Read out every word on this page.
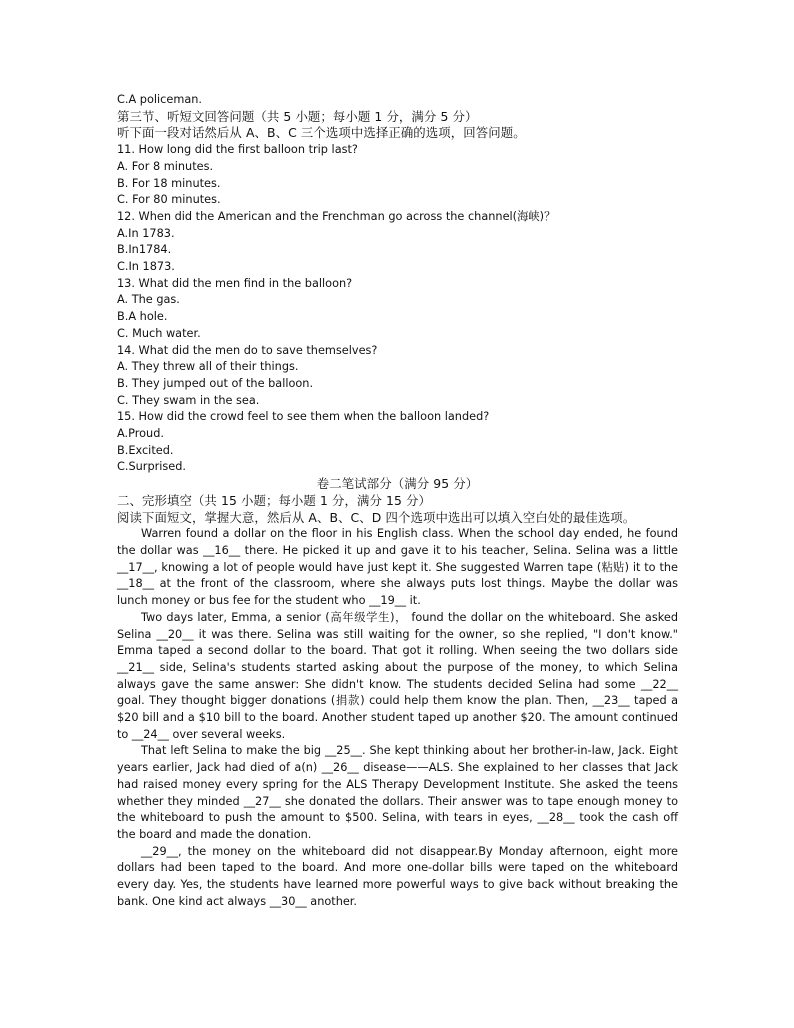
C.A policeman.
第三节、听短文回答问题（共 5 小题；每小题 1 分，满分 5 分）
听下面一段对话然后从 A、B、C 三个选项中选择正确的选项，回答问题。
11. How long did the first balloon trip last?
A. For 8 minutes.
B. For 18 minutes.
C. For 80 minutes.
12. When did the American and the Frenchman go across the channel(海峡)？
A.In 1783.
B.In1784.
C.In 1873.
13. What did the men find in the balloon?
A. The gas.
B.A hole.
C. Much water.
14. What did the men do to save themselves?
A. They threw all of their things.
B. They jumped out of the balloon.
C. They swam in the sea.
15. How did the crowd feel to see them when the balloon landed?
A.Proud.
B.Excited.
C.Surprised.
卷二笔试部分（满分 95 分）
二、完形填空（共 15 小题；每小题 1 分，满分 15 分）
阅读下面短文，掌握大意，然后从 A、B、C、D 四个选项中选出可以填入空白处的最佳选项。

Warren found a dollar on the floor in his English class. When the school day ended, he found the dollar was __16__ there. He picked it up and gave it to his teacher, Selina. Selina was a little __17__, knowing a lot of people would have just kept it. She suggested Warren tape (粘贴) it to the __18__ at the front of the classroom, where she always puts lost things. Maybe the dollar was lunch money or bus fee for the student who __19__ it.

Two days later, Emma, a senior (高年级学生)， found the dollar on the whiteboard. She asked Selina __20__ it was there. Selina was still waiting for the owner, so she replied, "I don't know." Emma taped a second dollar to the board. That got it rolling. When seeing the two dollars side __21__ side, Selina's students started asking about the purpose of the money, to which Selina always gave the same answer: She didn't know. The students decided Selina had some __22__ goal. They thought bigger donations (捐款) could help them know the plan. Then, __23__ taped a $20 bill and a $10 bill to the board. Another student taped up another $20. The amount continued to __24__ over several weeks.

That left Selina to make the big __25__. She kept thinking about her brother-in-law, Jack. Eight years earlier, Jack had died of a(n) __26__ disease——ALS. She explained to her classes that Jack had raised money every spring for the ALS Therapy Development Institute. She asked the teens whether they minded __27__ she donated the dollars. Their answer was to tape enough money to the whiteboard to push the amount to $500. Selina, with tears in eyes, __28__ took the cash off the board and made the donation.

__29__, the money on the whiteboard did not disappear.By Monday afternoon, eight more dollars had been taped to the board. And more one-dollar bills were taped on the whiteboard every day. Yes, the students have learned more powerful ways to give back without breaking the bank. One kind act always __30__ another.
